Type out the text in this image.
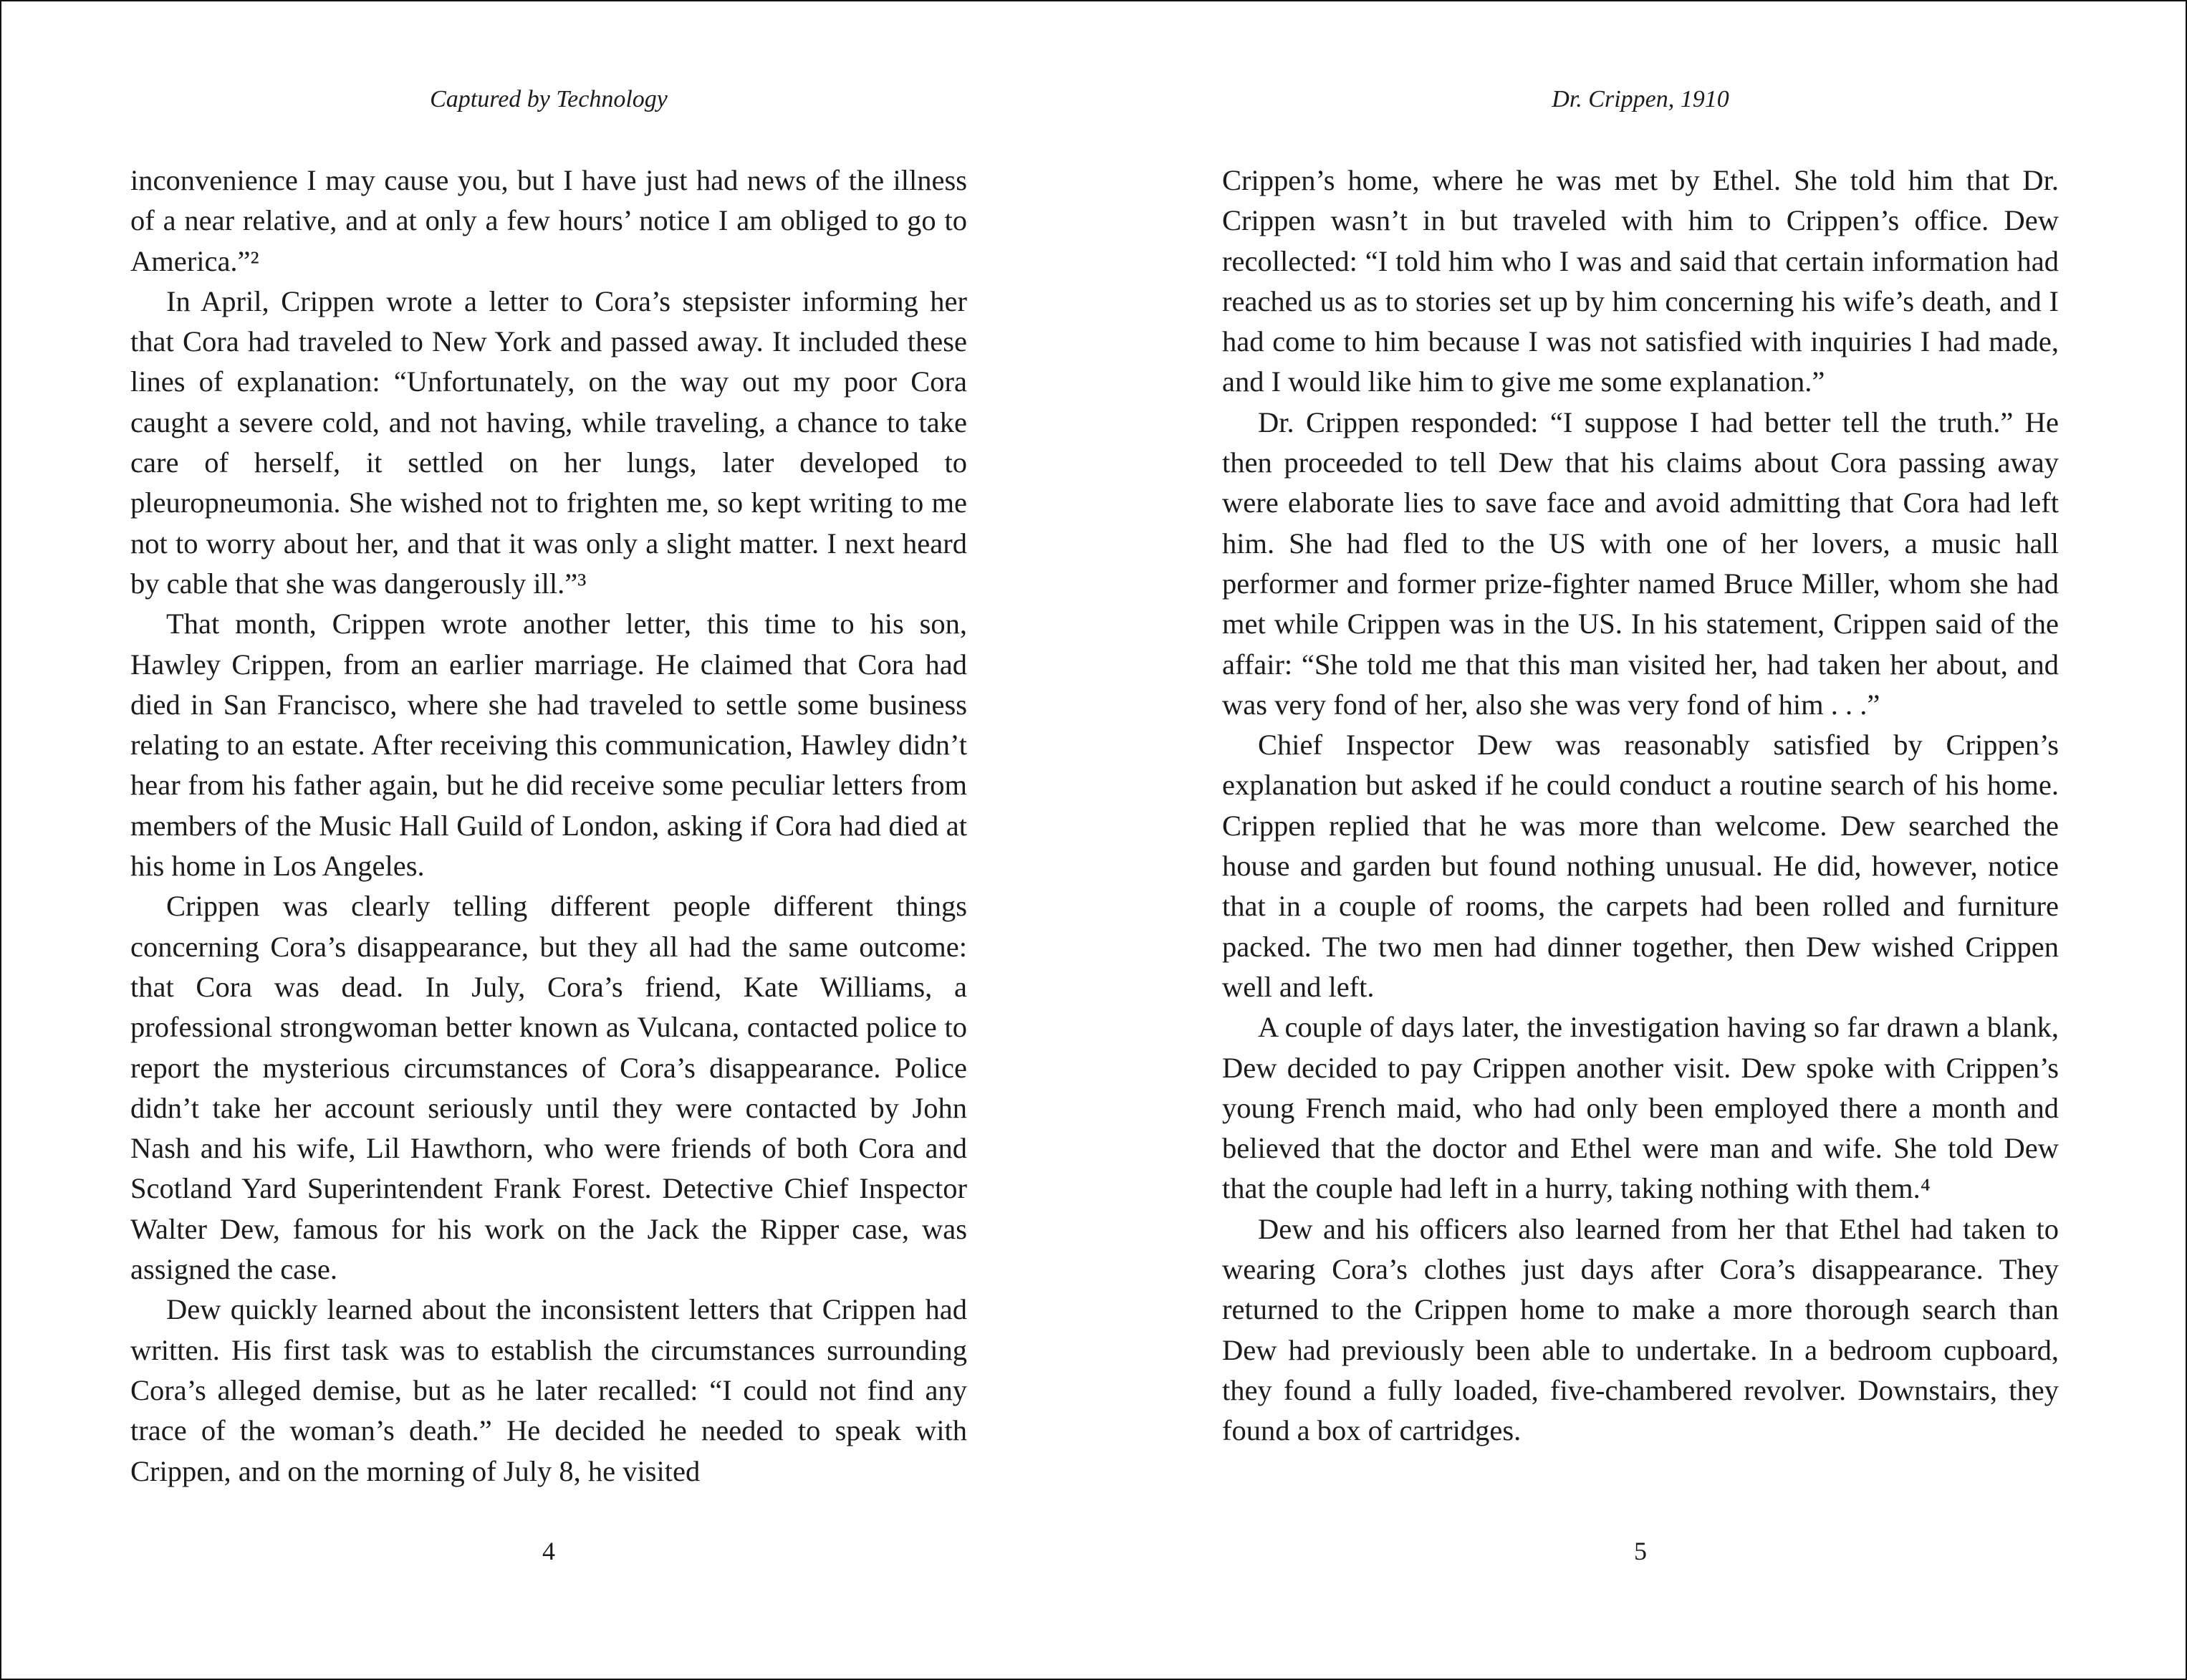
Captured by Technology

inconvenience I may cause you, but I have just had news of the illness of a near relative, and at only a few hours’ notice I am obliged to go to America.”²

In April, Crippen wrote a letter to Cora’s stepsister informing her that Cora had traveled to New York and passed away. It included these lines of explanation: “Unfortunately, on the way out my poor Cora caught a severe cold, and not having, while traveling, a chance to take care of herself, it settled on her lungs, later developed to pleuropneumonia. She wished not to frighten me, so kept writing to me not to worry about her, and that it was only a slight matter. I next heard by cable that she was dangerously ill.”³

That month, Crippen wrote another letter, this time to his son, Hawley Crippen, from an earlier marriage. He claimed that Cora had died in San Francisco, where she had traveled to settle some business relating to an estate. After receiving this communication, Hawley didn’t hear from his father again, but he did receive some peculiar letters from members of the Music Hall Guild of London, asking if Cora had died at his home in Los Angeles.

Crippen was clearly telling different people different things concerning Cora’s disappearance, but they all had the same outcome: that Cora was dead. In July, Cora’s friend, Kate Williams, a professional strongwoman better known as Vulcana, contacted police to report the mysterious circumstances of Cora’s disappearance. Police didn’t take her account seriously until they were contacted by John Nash and his wife, Lil Hawthorn, who were friends of both Cora and Scotland Yard Superintendent Frank Forest. Detective Chief Inspector Walter Dew, famous for his work on the Jack the Ripper case, was assigned the case.

Dew quickly learned about the inconsistent letters that Crippen had written. His first task was to establish the circumstances surrounding Cora’s alleged demise, but as he later recalled: “I could not find any trace of the woman’s death.” He decided he needed to speak with Crippen, and on the morning of July 8, he visited

4
Dr. Crippen, 1910

Crippen’s home, where he was met by Ethel. She told him that Dr. Crippen wasn’t in but traveled with him to Crippen’s office. Dew recollected: “I told him who I was and said that certain information had reached us as to stories set up by him concerning his wife’s death, and I had come to him because I was not satisfied with inquiries I had made, and I would like him to give me some explanation.”

Dr. Crippen responded: “I suppose I had better tell the truth.” He then proceeded to tell Dew that his claims about Cora passing away were elaborate lies to save face and avoid admitting that Cora had left him. She had fled to the US with one of her lovers, a music hall performer and former prize-fighter named Bruce Miller, whom she had met while Crippen was in the US. In his statement, Crippen said of the affair: “She told me that this man visited her, had taken her about, and was very fond of her, also she was very fond of him . . .”

Chief Inspector Dew was reasonably satisfied by Crippen’s explanation but asked if he could conduct a routine search of his home. Crippen replied that he was more than welcome. Dew searched the house and garden but found nothing unusual. He did, however, notice that in a couple of rooms, the carpets had been rolled and furniture packed. The two men had dinner together, then Dew wished Crippen well and left.

A couple of days later, the investigation having so far drawn a blank, Dew decided to pay Crippen another visit. Dew spoke with Crippen’s young French maid, who had only been employed there a month and believed that the doctor and Ethel were man and wife. She told Dew that the couple had left in a hurry, taking nothing with them.⁴

Dew and his officers also learned from her that Ethel had taken to wearing Cora’s clothes just days after Cora’s disappearance. They returned to the Crippen home to make a more thorough search than Dew had previously been able to undertake. In a bedroom cupboard, they found a fully loaded, five-chambered revolver. Downstairs, they found a box of cartridges.

5
